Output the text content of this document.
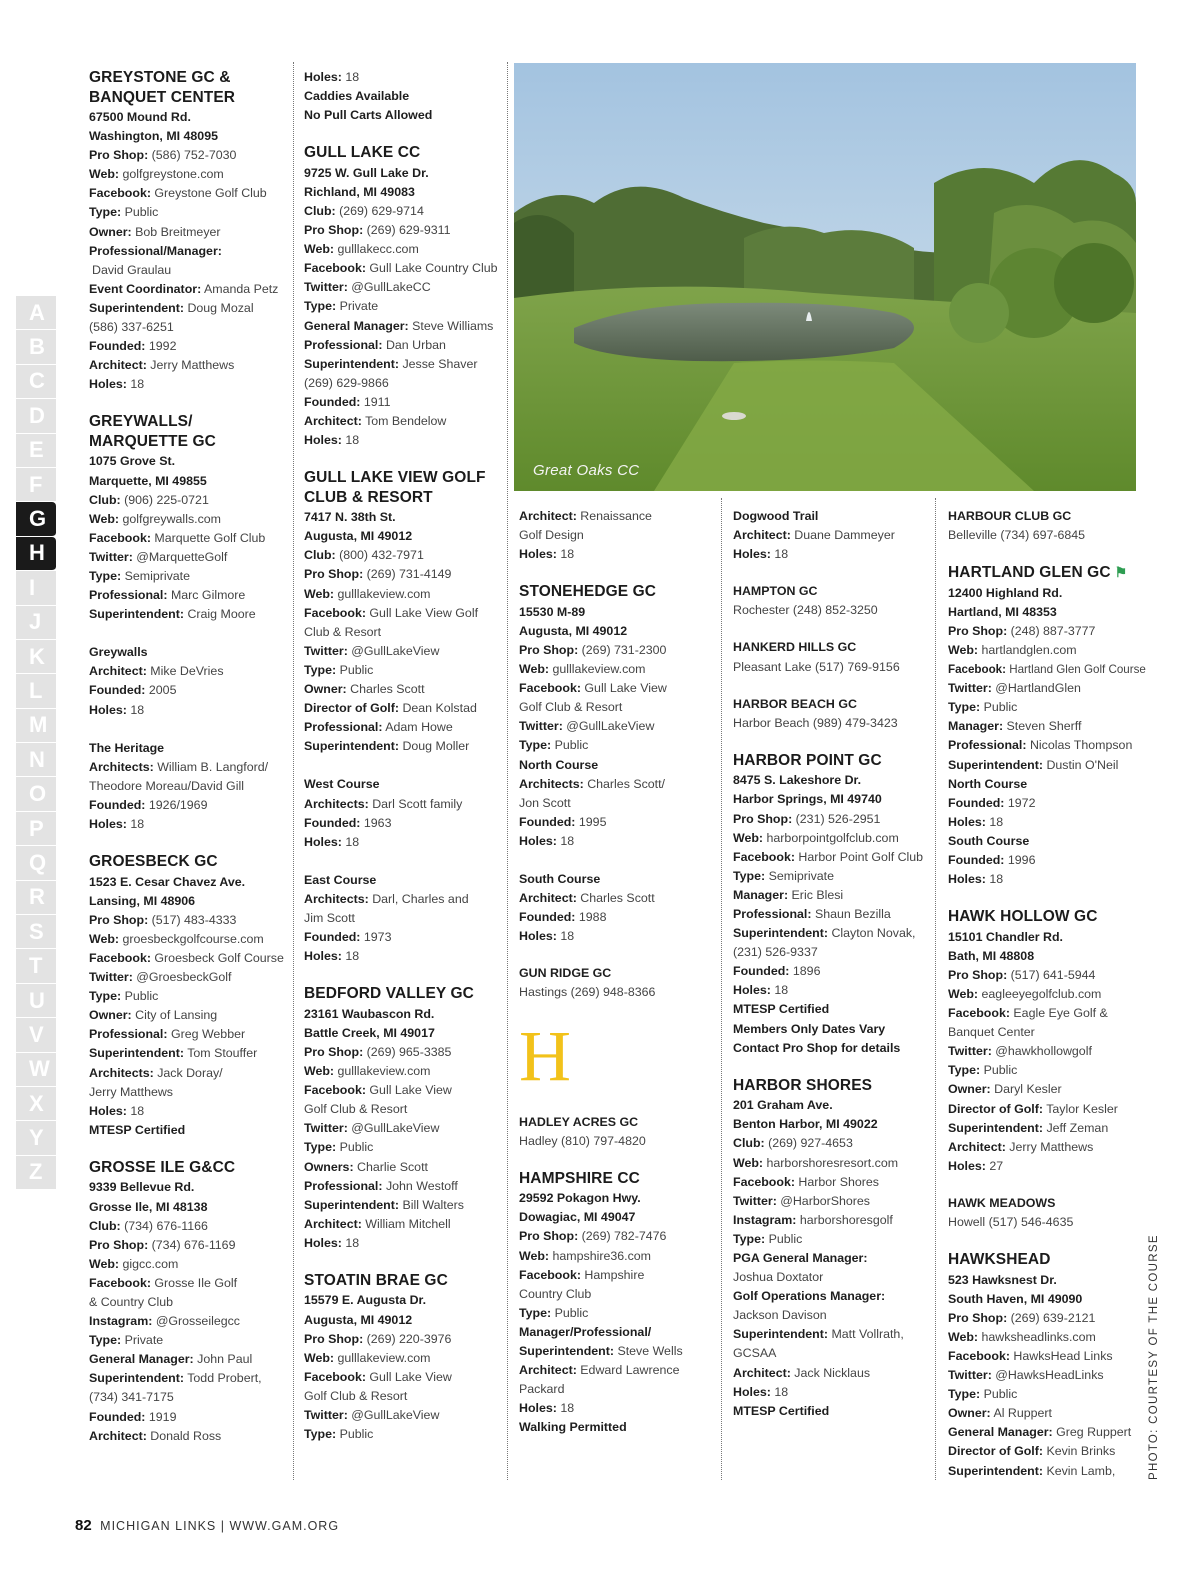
A
B
C
D
E
F
G
H
I
J
K
L
M
N
O
P
Q
R
S
T
U
V
W
X
Y
Z
Great Oaks CC
GREYSTONE GC & BANQUET CENTER
67500 Mound Rd.
Washington, MI 48095
Pro Shop: (586) 752-7030
Web: golfgreystone.com
Facebook: Greystone Golf Club
Type: Public
Owner: Bob Breitmeyer
Professional/Manager:
David Graulau
Event Coordinator: Amanda Petz
Superintendent: Doug Mozal
(586) 337-6251
Founded: 1992
Architect: Jerry Matthews
Holes: 18
GREYWALLS/ MARQUETTE GC
1075 Grove St.
Marquette, MI 49855
Club: (906) 225-0721
Web: golfgreywalls.com
Facebook: Marquette Golf Club
Twitter: @MarquetteGolf
Type: Semiprivate
Professional: Marc Gilmore
Superintendent: Craig Moore
Greywalls
Architect: Mike DeVries
Founded: 2005
Holes: 18
The Heritage
Architects: William B. Langford/
Theodore Moreau/David Gill
Founded: 1926/1969
Holes: 18
GROESBECK GC
1523 E. Cesar Chavez Ave.
Lansing, MI 48906
Pro Shop: (517) 483-4333
Web: groesbeckgolfcourse.com
Facebook: Groesbeck Golf Course
Twitter: @GroesbeckGolf
Type: Public
Owner: City of Lansing
Professional: Greg Webber
Superintendent: Tom Stouffer
Architects: Jack Doray/
Jerry Matthews
Holes: 18
MTESP Certified
GROSSE ILE G&CC
9339 Bellevue Rd.
Grosse Ile, MI 48138
Club: (734) 676-1166
Pro Shop: (734) 676-1169
Web: gigcc.com
Facebook: Grosse Ile Golf
& Country Club
Instagram: @Grosseilegcc
Type: Private
General Manager: John Paul
Superintendent: Todd Probert,
(734) 341-7175
Founded: 1919
Architect: Donald Ross
Holes: 18
Caddies Available
No Pull Carts Allowed
GULL LAKE CC
9725 W. Gull Lake Dr.
Richland, MI 49083
Club: (269) 629-9714
Pro Shop: (269) 629-9311
Web: gulllakecc.com
Facebook: Gull Lake Country Club
Twitter: @GullLakeCC
Type: Private
General Manager: Steve Williams
Professional: Dan Urban
Superintendent: Jesse Shaver
(269) 629-9866
Founded: 1911
Architect: Tom Bendelow
Holes: 18
GULL LAKE VIEW GOLF CLUB & RESORT
7417 N. 38th St.
Augusta, MI 49012
Club: (800) 432-7971
Pro Shop: (269) 731-4149
Web: gulllakeview.com
Facebook: Gull Lake View Golf
Club & Resort
Twitter: @GullLakeView
Type: Public
Owner: Charles Scott
Director of Golf: Dean Kolstad
Professional: Adam Howe
Superintendent: Doug Moller
West Course
Architects: Darl Scott family
Founded: 1963
Holes: 18
East Course
Architects: Darl, Charles and
Jim Scott
Founded: 1973
Holes: 18
BEDFORD VALLEY GC
23161 Waubascon Rd.
Battle Creek, MI 49017
Pro Shop: (269) 965-3385
Web: gulllakeview.com
Facebook: Gull Lake View
Golf Club & Resort
Twitter: @GullLakeView
Type: Public
Owners: Charlie Scott
Professional: John Westoff
Superintendent: Bill Walters
Architect: William Mitchell
Holes: 18
STOATIN BRAE GC
15579 E. Augusta Dr.
Augusta, MI 49012
Pro Shop: (269) 220-3976
Web: gulllakeview.com
Facebook: Gull Lake View
Golf Club & Resort
Twitter: @GullLakeView
Type: Public
Architect: Renaissance
Golf Design
Holes: 18
STONEHEDGE GC
15530 M-89
Augusta, MI 49012
Pro Shop: (269) 731-2300
Web: gulllakeview.com
Facebook: Gull Lake View
Golf Club & Resort
Twitter: @GullLakeView
Type: Public
North Course
Architects: Charles Scott/
Jon Scott
Founded: 1995
Holes: 18
South Course
Architect: Charles Scott
Founded: 1988
Holes: 18
GUN RIDGE GC
Hastings (269) 948-8366
H
HADLEY ACRES GC
Hadley (810) 797-4820
HAMPSHIRE CC
29592 Pokagon Hwy.
Dowagiac, MI 49047
Pro Shop: (269) 782-7476
Web: hampshire36.com
Facebook: Hampshire
Country Club
Type: Public
Manager/Professional/
Superintendent: Steve Wells
Architect: Edward Lawrence
Packard
Holes: 18
Walking Permitted
Dogwood Trail
Architect: Duane Dammeyer
Holes: 18
HAMPTON GC
Rochester (248) 852-3250
HANKERD HILLS GC
Pleasant Lake (517) 769-9156
HARBOR BEACH GC
Harbor Beach (989) 479-3423
HARBOR POINT GC
8475 S. Lakeshore Dr.
Harbor Springs, MI 49740
Pro Shop: (231) 526-2951
Web: harborpointgolfclub.com
Facebook: Harbor Point Golf Club
Type: Semiprivate
Manager: Eric Blesi
Professional: Shaun Bezilla
Superintendent: Clayton Novak,
(231) 526-9337
Founded: 1896
Holes: 18
MTESP Certified
Members Only Dates Vary
Contact Pro Shop for details
HARBOR SHORES
201 Graham Ave.
Benton Harbor, MI 49022
Club: (269) 927-4653
Web: harborshoresresort.com
Facebook: Harbor Shores
Twitter: @HarborShores
Instagram: harborshoresgolf
Type: Public
PGA General Manager:
Joshua Doxtator
Golf Operations Manager:
Jackson Davison
Superintendent: Matt Vollrath,
GCSAA
Architect: Jack Nicklaus
Holes: 18
MTESP Certified
HARBOUR CLUB GC
Belleville (734) 697-6845
HARTLAND GLEN GC ⚑
12400 Highland Rd.
Hartland, MI 48353
Pro Shop: (248) 887-3777
Web: hartlandglen.com
Facebook: Hartland Glen Golf Course
Twitter: @HartlandGlen
Type: Public
Manager: Steven Sherff
Professional: Nicolas Thompson
Superintendent: Dustin O'Neil
North Course
Founded: 1972
Holes: 18
South Course
Founded: 1996
Holes: 18
HAWK HOLLOW GC
15101 Chandler Rd.
Bath, MI 48808
Pro Shop: (517) 641-5944
Web: eagleeyegolfclub.com
Facebook: Eagle Eye Golf &
Banquet Center
Twitter: @hawkhollowgolf
Type: Public
Owner: Daryl Kesler
Director of Golf: Taylor Kesler
Superintendent: Jeff Zeman
Architect: Jerry Matthews
Holes: 27
HAWK MEADOWS
Howell (517) 546-4635
HAWKSHEAD
523 Hawksnest Dr.
South Haven, MI 49090
Pro Shop: (269) 639-2121
Web: hawksheadlinks.com
Facebook: HawksHead Links
Twitter: @HawksHeadLinks
Type: Public
Owner: Al Ruppert
General Manager: Greg Ruppert
Director of Golf: Kevin Brinks
Superintendent: Kevin Lamb,	PHOTO: COURTESY OF THE COURSE
82 MICHIGAN LINKS | WWW.GAM.ORG
